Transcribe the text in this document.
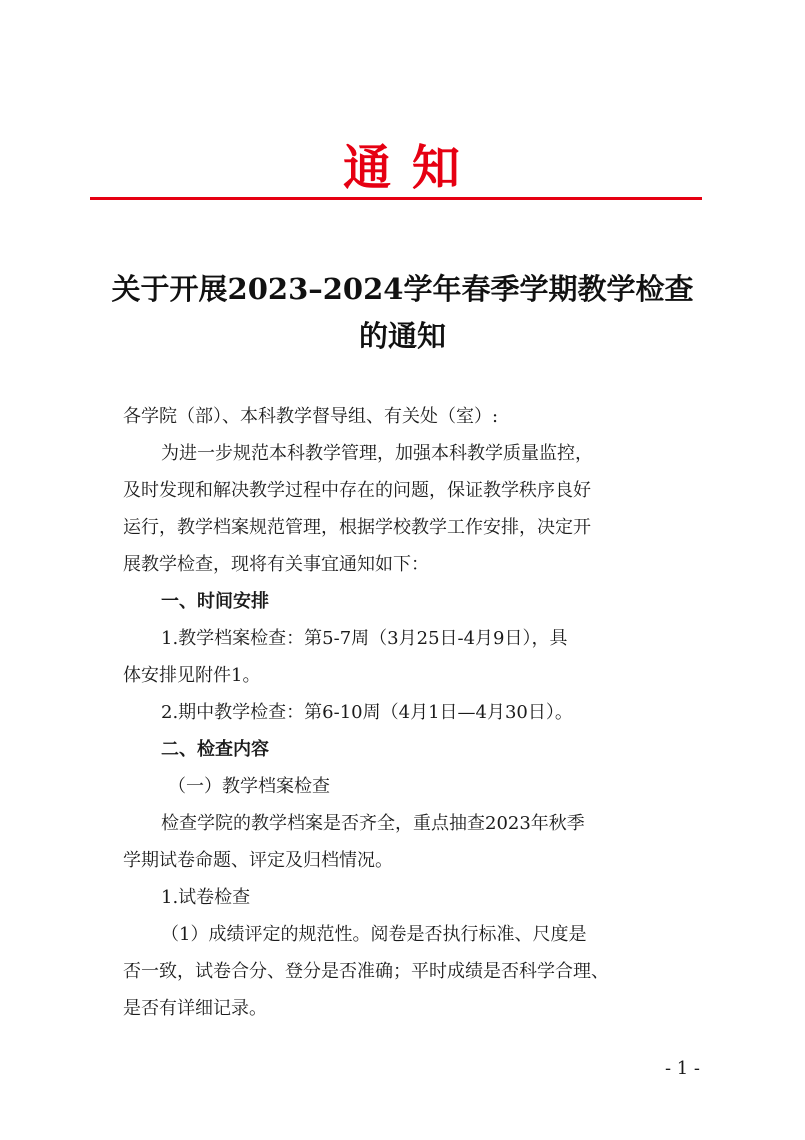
通 知
关于开展2023–2024学年春季学期教学检查
的通知
各学院（部）、本科教学督导组、有关处（室）:
为进一步规范本科教学管理，加强本科教学质量监控，
及时发现和解决教学过程中存在的问题，保证教学秩序良好
运行，教学档案规范管理，根据学校教学工作安排，决定开
展教学检查，现将有关事宜通知如下：
一、时间安排
1.教学档案检查：第5-7周（3月25日-4月9日），具
体安排见附件1。
2.期中教学检查：第6-10周（4月1日—4月30日）。
二、检查内容
（一）教学档案检查
检查学院的教学档案是否齐全，重点抽查2023年秋季
学期试卷命题、评定及归档情况。
1.试卷检查
（1）成绩评定的规范性。阅卷是否执行标准、尺度是
否一致，试卷合分、登分是否准确；平时成绩是否科学合理、
是否有详细记录。
- 1 -
